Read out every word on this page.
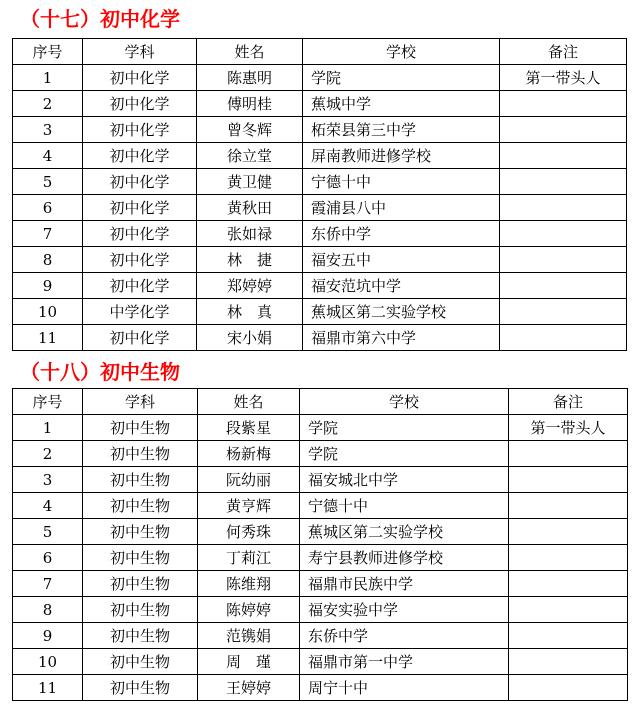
（十七）初中化学
序号	学科	姓名	学校	备注
1	初中化学	陈惠明	学院	第一带头人
2	初中化学	傅明桂	蕉城中学	
3	初中化学	曾冬辉	柘荣县第三中学	
4	初中化学	徐立堂	屏南教师进修学校	
5	初中化学	黄卫健	宁德十中	
6	初中化学	黄秋田	霞浦县八中	
7	初中化学	张如禄	东侨中学	
8	初中化学	林　捷	福安五中	
9	初中化学	郑婷婷	福安范坑中学	
10	中学化学	林　真	蕉城区第二实验学校	
11	初中化学	宋小娟	福鼎市第六中学	
（十八）初中生物
序号	学科	姓名	学校	备注
1	初中生物	段紫星	学院	第一带头人
2	初中生物	杨新梅	学院	
3	初中生物	阮幼丽	福安城北中学	
4	初中生物	黄亨辉	宁德十中	
5	初中生物	何秀珠	蕉城区第二实验学校	
6	初中生物	丁莉江	寿宁县教师进修学校	
7	初中生物	陈维翔	福鼎市民族中学	
8	初中生物	陈婷婷	福安实验中学	
9	初中生物	范镌娟	东侨中学	
10	初中生物	周　瑾	福鼎市第一中学	
11	初中生物	王婷婷	周宁十中	
